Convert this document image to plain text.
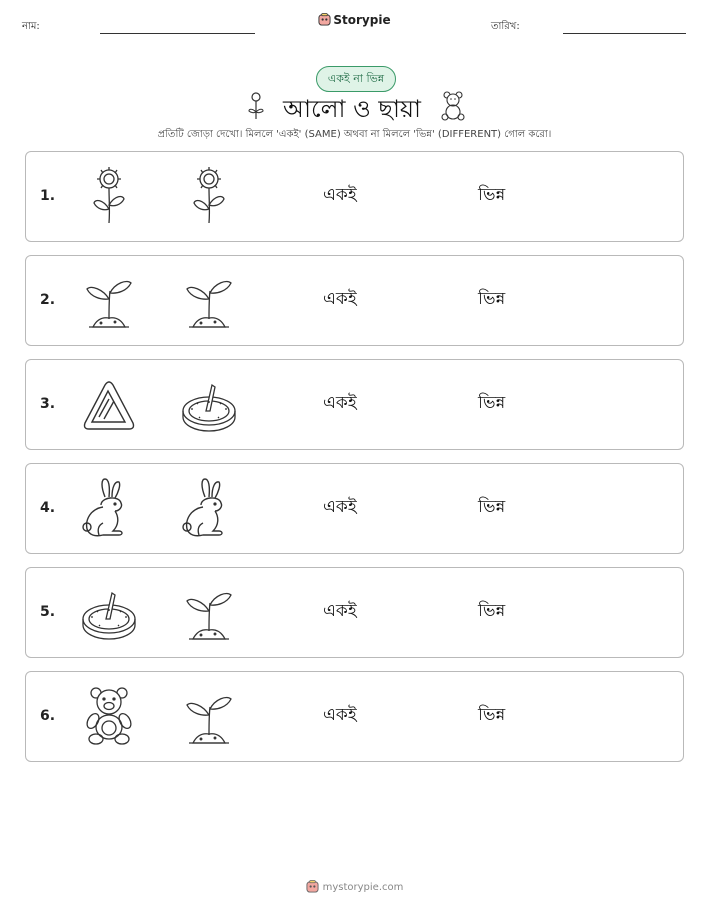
নাম:	Storypie	তারিখ:
একই না ভিন্ন
আলো ও ছায়া
প্রতিটি জোড়া দেখো। মিললে 'একই' (SAME) অথবা না মিললে 'ভিন্ন' (DIFFERENT) গোল করো।
1.	একই	ভিন্ন
2.	একই	ভিন্ন
3.	একই	ভিন্ন
4.	একই	ভিন্ন
5.	একই	ভিন্ন
6.	একই	ভিন্ন
mystorypie.com
